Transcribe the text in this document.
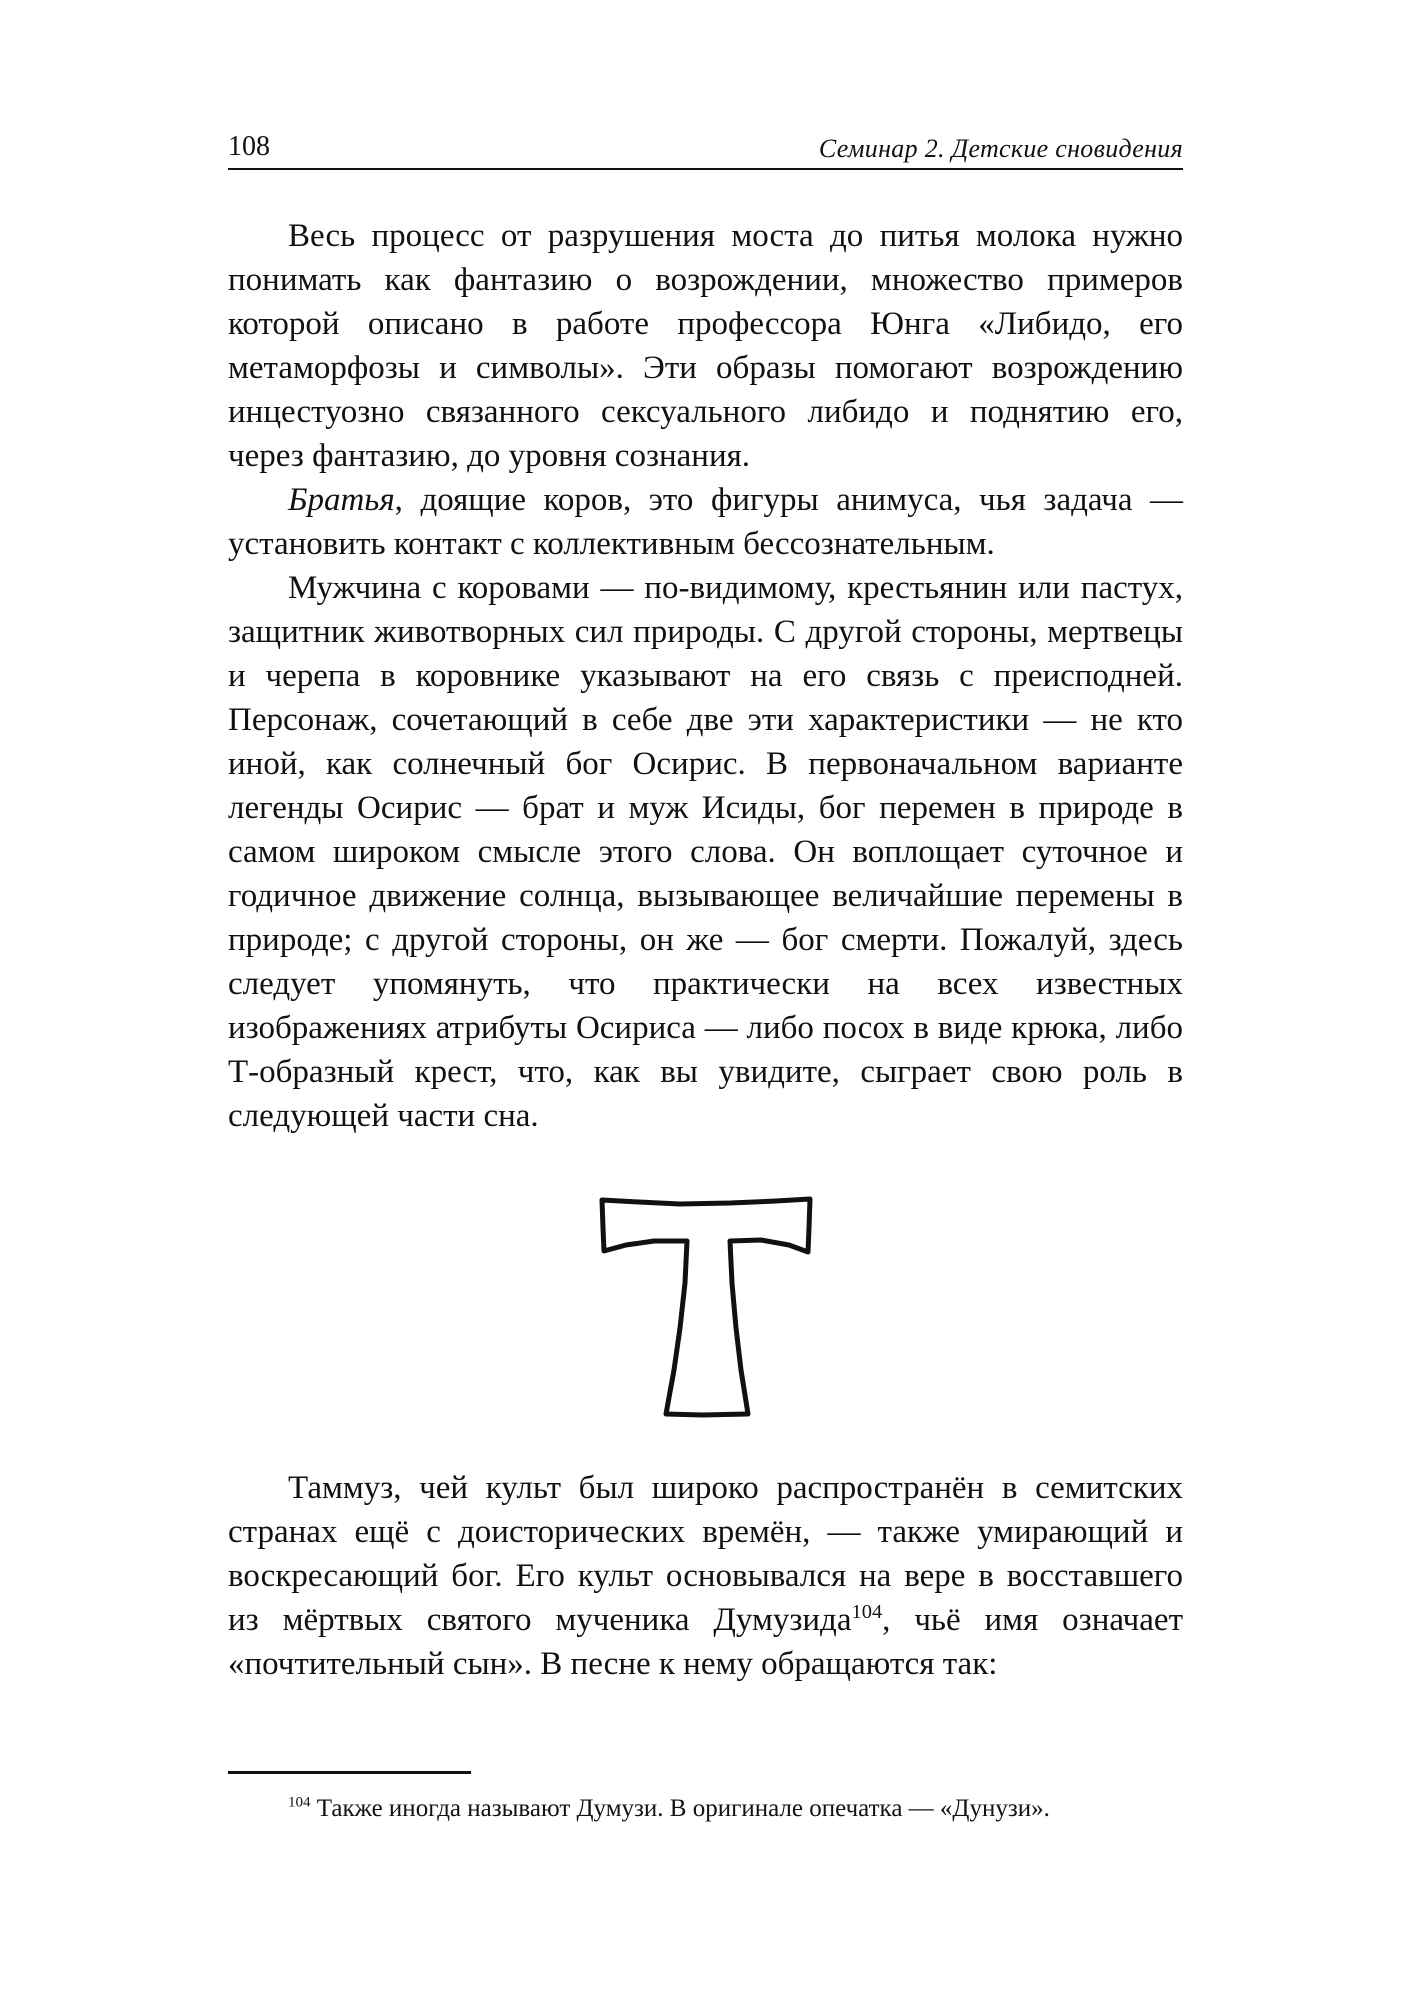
108	Семинар 2. Детские сновидения

Весь процесс от разрушения моста до питья молока нужно понимать как фантазию о возрождении, множество примеров которой описано в работе профессора Юнга «Либидо, его метаморфозы и символы». Эти образы помогают возрождению инцестуозно связанного сексуального либидо и поднятию его, через фантазию, до уровня сознания.

Братья, доящие коров, это фигуры анимуса, чья задача — установить контакт с коллективным бессознательным.

Мужчина с коровами — по-видимому, крестьянин или пастух, защитник животворных сил природы. С другой стороны, мертвецы и черепа в коровнике указывают на его связь с преисподней. Персонаж, сочетающий в себе две эти характеристики — не кто иной, как солнечный бог Осирис. В первоначальном варианте легенды Осирис — брат и муж Исиды, бог перемен в природе в самом широком смысле этого слова. Он воплощает суточное и годичное движение солнца, вызывающее величайшие перемены в природе; с другой стороны, он же — бог смерти. Пожалуй, здесь следует упомянуть, что практически на всех известных изображениях атрибуты Осириса — либо посох в виде крюка, либо Т-образный крест, что, как вы увидите, сыграет свою роль в следующей части сна.

Таммуз, чей культ был широко распространён в семитских странах ещё с доисторических времён, — также умирающий и воскресающий бог. Его культ основывался на вере в восставшего из мёртвых святого мученика Думузида$^{104}$, чьё имя означает «почтительный сын». В песне к нему обращаются так:

$^{104}$ Также иногда называют Думузи. В оригинале опечатка — «Дунузи».
